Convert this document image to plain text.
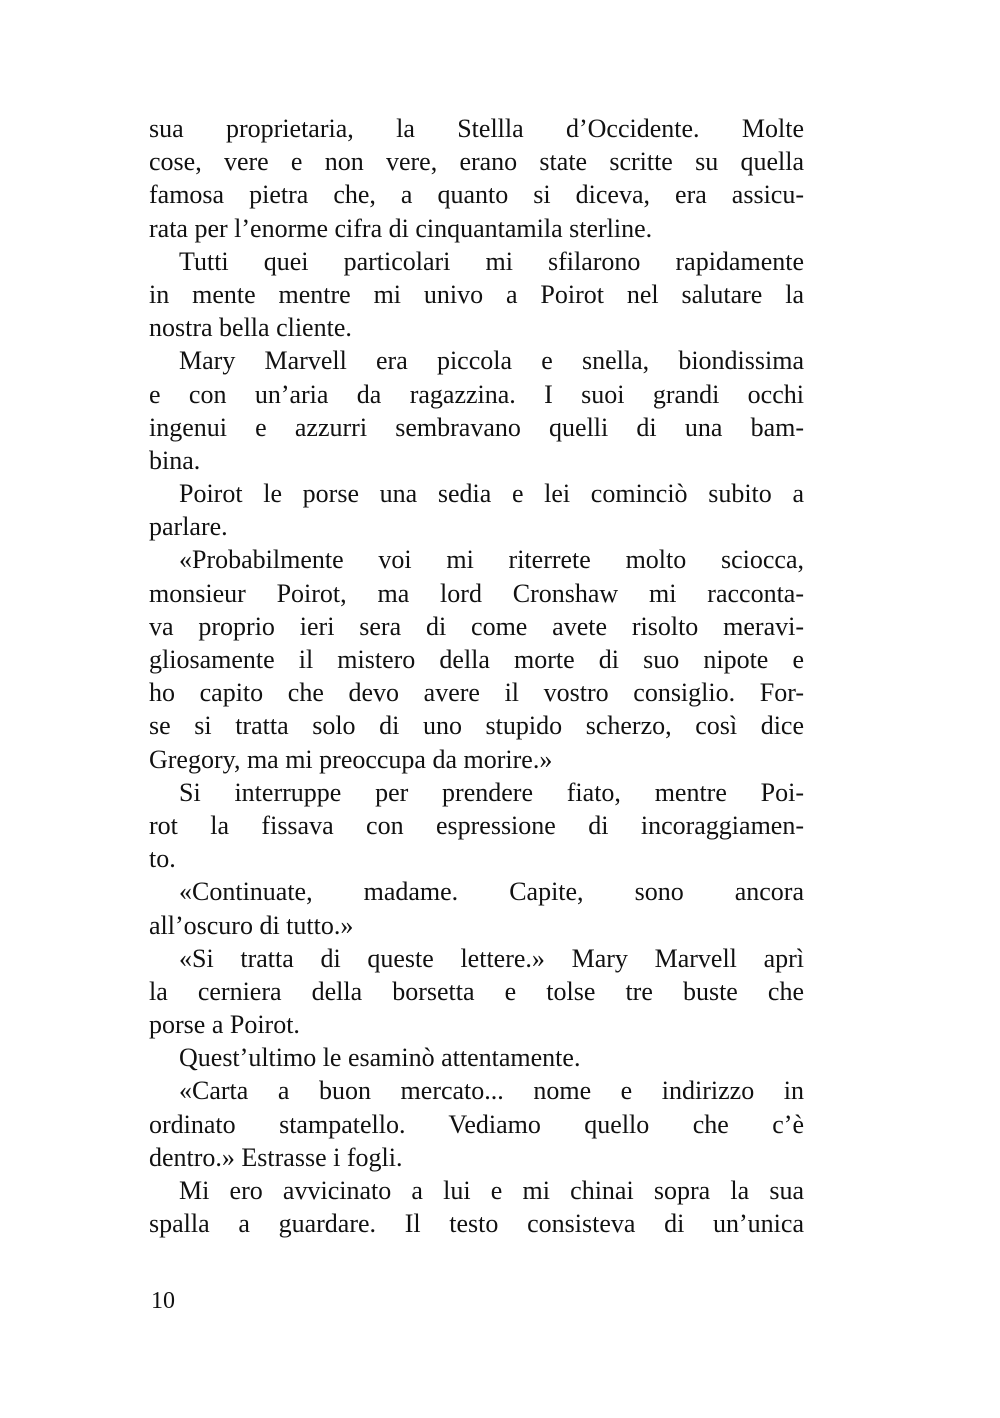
sua proprietaria, la Stellla d’Occidente. Molte
cose, vere e non vere, erano state scritte su quella
famosa pietra che, a quanto si diceva, era assicu-
rata per l’enorme cifra di cinquantamila sterline.
Tutti quei particolari mi sfilarono rapidamente
in mente mentre mi univo a Poirot nel salutare la
nostra bella cliente.
Mary Marvell era piccola e snella, biondissima
e con un’aria da ragazzina. I suoi grandi occhi
ingenui e azzurri sembravano quelli di una bam-
bina.
Poirot le porse una sedia e lei cominciò subito a
parlare.
«Probabilmente voi mi riterrete molto sciocca,
monsieur Poirot, ma lord Cronshaw mi racconta-
va proprio ieri sera di come avete risolto meravi-
gliosamente il mistero della morte di suo nipote e
ho capito che devo avere il vostro consiglio. For-
se si tratta solo di uno stupido scherzo, così dice
Gregory, ma mi preoccupa da morire.»
Si interruppe per prendere fiato, mentre Poi-
rot la fissava con espressione di incoraggiamen-
to.
«Continuate, madame. Capite, sono ancora
all’oscuro di tutto.»
«Si tratta di queste lettere.» Mary Marvell aprì
la cerniera della borsetta e tolse tre buste che
porse a Poirot.
Quest’ultimo le esaminò attentamente.
«Carta a buon mercato... nome e indirizzo in
ordinato stampatello. Vediamo quello che c’è
dentro.» Estrasse i fogli.
Mi ero avvicinato a lui e mi chinai sopra la sua
spalla a guardare. Il testo consisteva di un’unica
10
